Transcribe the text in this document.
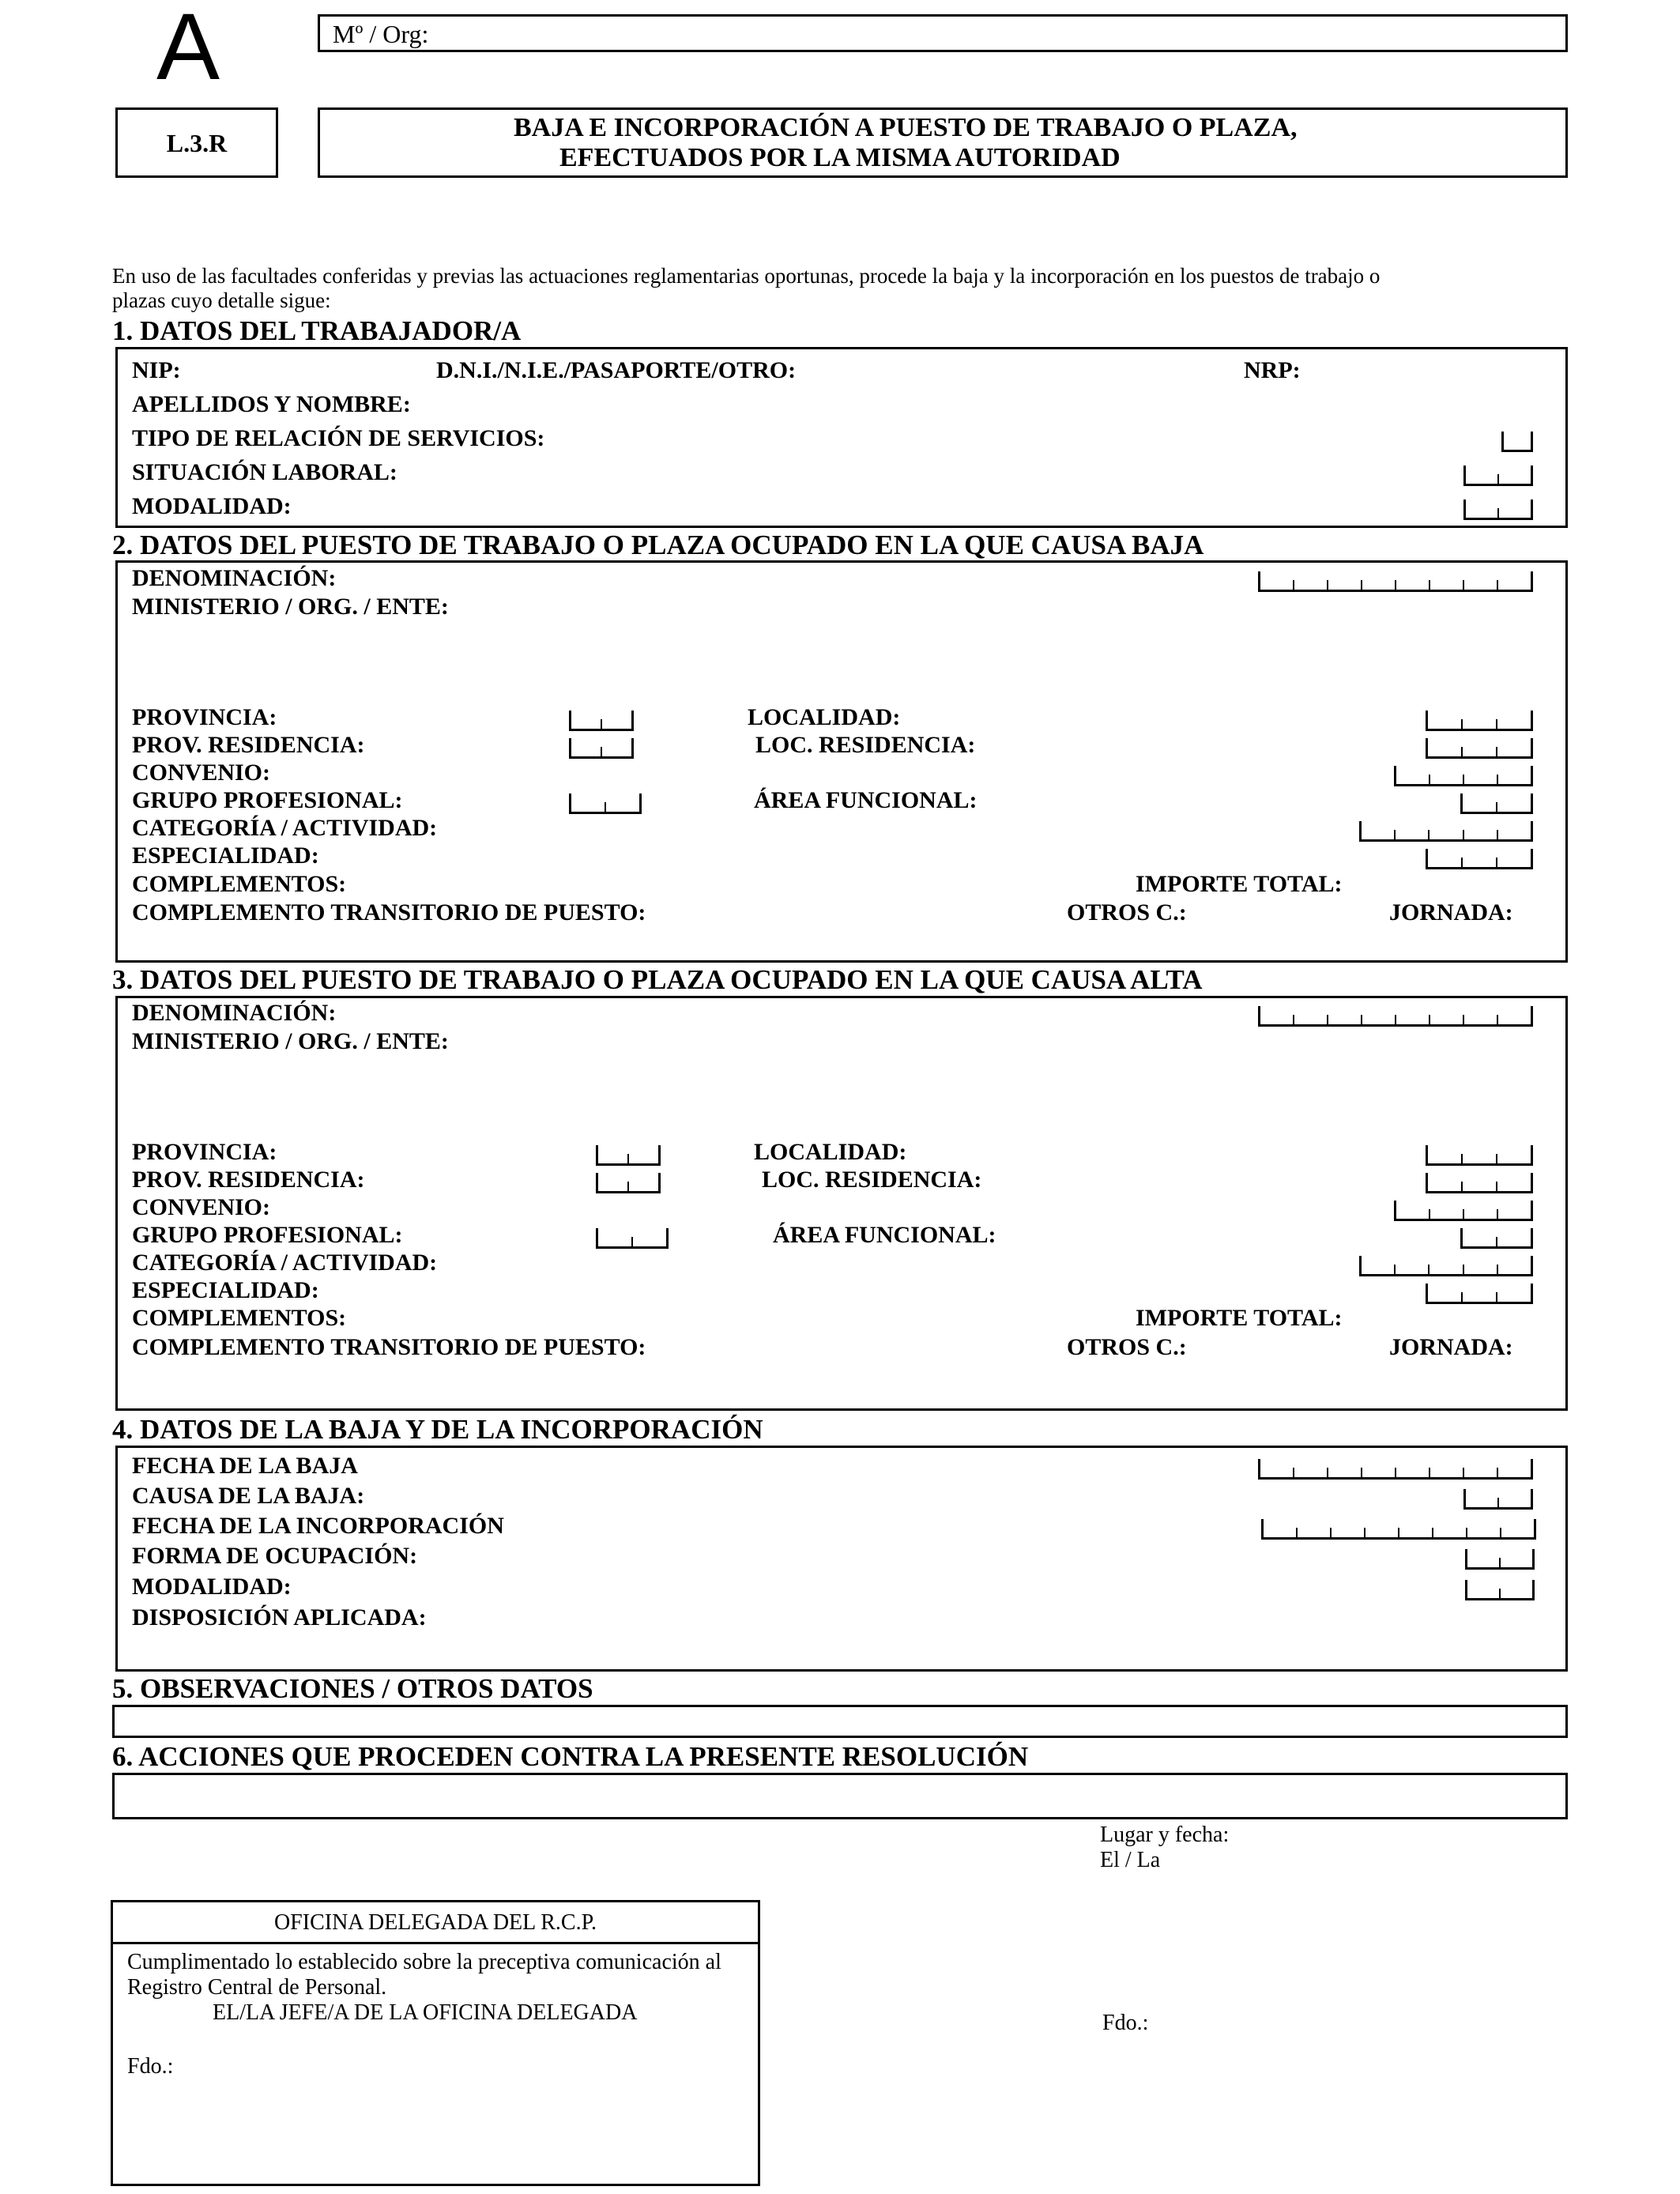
A	Mº / Org:
L.3.R
BAJA E INCORPORACIÓN A PUESTO DE TRABAJO O PLAZA,
EFECTUADOS POR LA MISMA AUTORIDAD
En uso de las facultades conferidas y previas las actuaciones reglamentarias oportunas, procede la baja y la incorporación en los puestos de trabajo o
plazas cuyo detalle sigue:
1. DATOS DEL TRABAJADOR/A
NIP:	D.N.I./N.I.E./PASAPORTE/OTRO:	NRP:
APELLIDOS Y NOMBRE:
TIPO DE RELACIÓN DE SERVICIOS:
SITUACIÓN LABORAL:
MODALIDAD:
2. DATOS DEL PUESTO DE TRABAJO O PLAZA OCUPADO EN LA QUE CAUSA BAJA
DENOMINACIÓN:
MINISTERIO / ORG. / ENTE:
PROVINCIA:	LOCALIDAD:
PROV. RESIDENCIA:	LOC. RESIDENCIA:
CONVENIO:
GRUPO PROFESIONAL:	ÁREA FUNCIONAL:
CATEGORÍA / ACTIVIDAD:
ESPECIALIDAD:
COMPLEMENTOS:	IMPORTE TOTAL:
COMPLEMENTO TRANSITORIO DE PUESTO:	OTROS C.:	JORNADA:
3. DATOS DEL PUESTO DE TRABAJO O PLAZA OCUPADO EN LA QUE CAUSA ALTA
DENOMINACIÓN:
MINISTERIO / ORG. / ENTE:
PROVINCIA:	LOCALIDAD:
PROV. RESIDENCIA:	LOC. RESIDENCIA:
CONVENIO:
GRUPO PROFESIONAL:	ÁREA FUNCIONAL:
CATEGORÍA / ACTIVIDAD:
ESPECIALIDAD:
COMPLEMENTOS:	IMPORTE TOTAL:
COMPLEMENTO TRANSITORIO DE PUESTO:	OTROS C.:	JORNADA:
4. DATOS DE LA BAJA Y DE LA INCORPORACIÓN
FECHA DE LA BAJA
CAUSA DE LA BAJA:
FECHA DE LA INCORPORACIÓN
FORMA DE OCUPACIÓN:
MODALIDAD:
DISPOSICIÓN APLICADA:
5. OBSERVACIONES / OTROS DATOS
6. ACCIONES QUE PROCEDEN CONTRA LA PRESENTE RESOLUCIÓN
Lugar y fecha:
El / La
Fdo.:
OFICINA DELEGADA DEL R.C.P.
Cumplimentado lo establecido sobre la preceptiva comunicación al
Registro Central de Personal.
EL/LA JEFE/A DE LA OFICINA DELEGADA
Fdo.:
